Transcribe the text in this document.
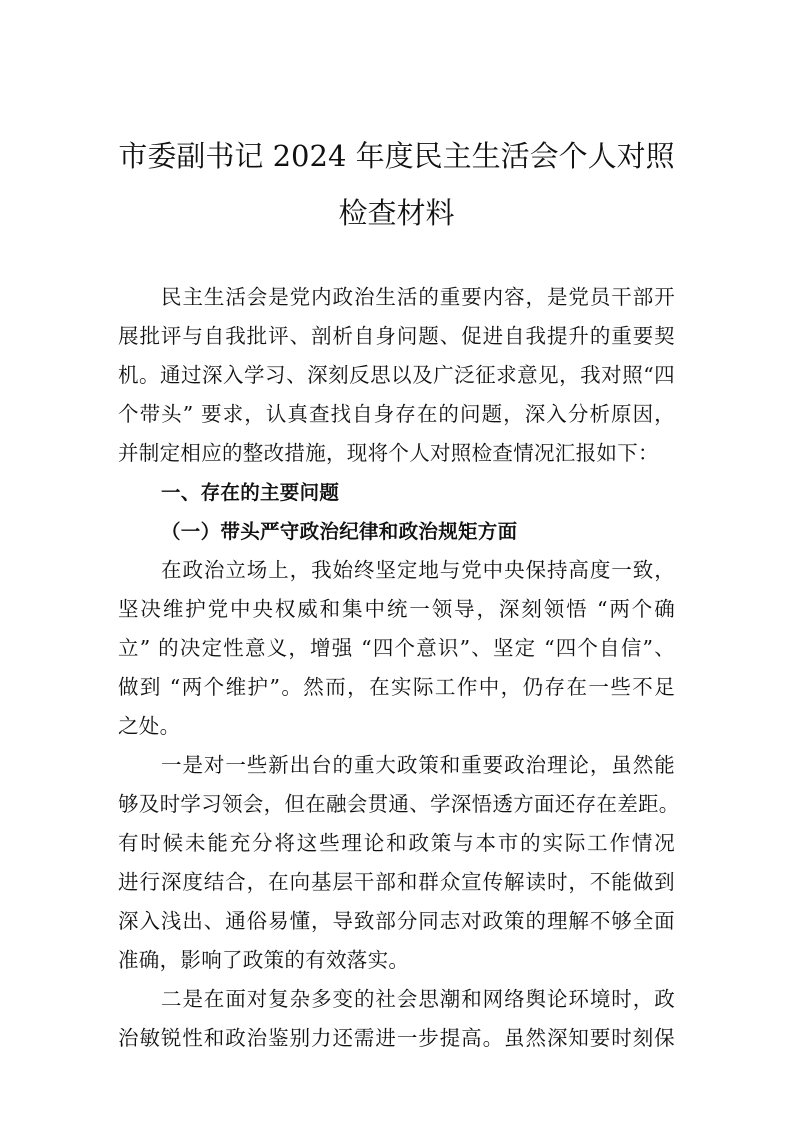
市委副书记 2024 年度民主生活会个人对照
检查材料
民主生活会是党内政治生活的重要内容，是党员干部开
展批评与自我批评、剖析自身问题、促进自我提升的重要契
机。通过深入学习、深刻反思以及广泛征求意见，我对照“四
个带头” 要求，认真查找自身存在的问题，深入分析原因，
并制定相应的整改措施，现将个人对照检查情况汇报如下：
一、存在的主要问题
（一）带头严守政治纪律和政治规矩方面
在政治立场上，我始终坚定地与党中央保持高度一致，
坚决维护党中央权威和集中统一领导，深刻领悟 “两个确
立” 的决定性意义，增强 “四个意识”、坚定 “四个自信”、
做到 “两个维护”。然而，在实际工作中，仍存在一些不足
之处。
一是对一些新出台的重大政策和重要政治理论，虽然能
够及时学习领会，但在融会贯通、学深悟透方面还存在差距。
有时候未能充分将这些理论和政策与本市的实际工作情况
进行深度结合，在向基层干部和群众宣传解读时，不能做到
深入浅出、通俗易懂，导致部分同志对政策的理解不够全面
准确，影响了政策的有效落实。
二是在面对复杂多变的社会思潮和网络舆论环境时，政
治敏锐性和政治鉴别力还需进一步提高。虽然深知要时刻保
